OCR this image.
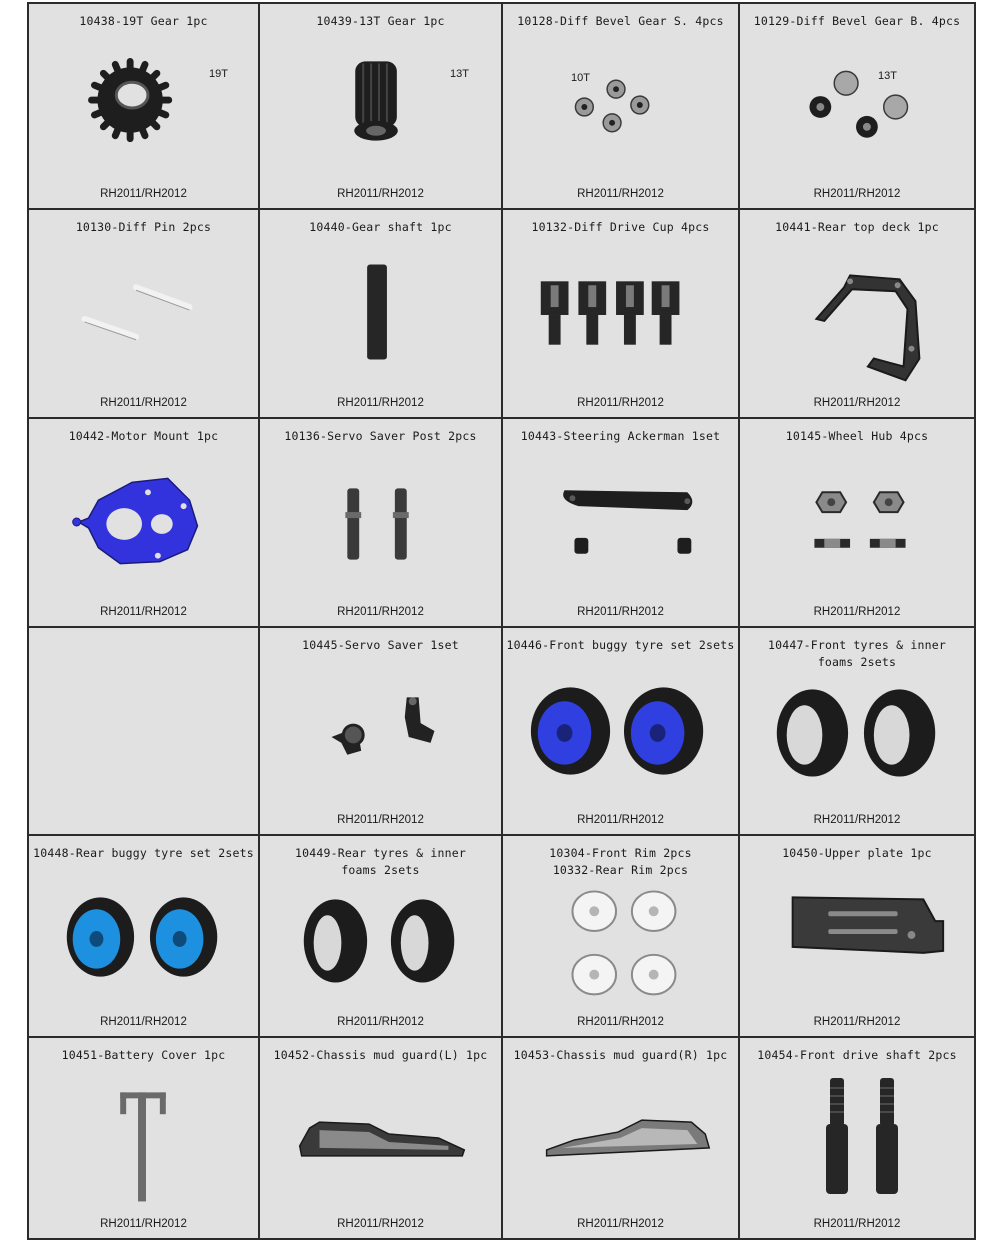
10438-19T Gear 1pc
19T
RH2011/RH2012
10439-13T Gear 1pc
13T
RH2011/RH2012
10128-Diff Bevel Gear S. 4pcs
10T
RH2011/RH2012
10129-Diff Bevel Gear B. 4pcs
13T
RH2011/RH2012
10130-Diff Pin 2pcs
RH2011/RH2012
10440-Gear shaft 1pc
RH2011/RH2012
10132-Diff Drive Cup 4pcs
RH2011/RH2012
10441-Rear top deck 1pc
RH2011/RH2012
10442-Motor Mount 1pc
RH2011/RH2012
10136-Servo Saver Post 2pcs
RH2011/RH2012
10443-Steering Ackerman 1set
RH2011/RH2012
10145-Wheel Hub 4pcs
RH2011/RH2012
10445-Servo Saver 1set
RH2011/RH2012
10446-Front buggy tyre set 2sets
RH2011/RH2012
10447-Front tyres & inner
foams 2sets
RH2011/RH2012
10448-Rear buggy tyre set 2sets
RH2011/RH2012
10449-Rear tyres & inner
foams 2sets
RH2011/RH2012
10304-Front Rim 2pcs
10332-Rear Rim 2pcs
RH2011/RH2012
10450-Upper plate 1pc
RH2011/RH2012
10451-Battery Cover 1pc
RH2011/RH2012
10452-Chassis mud guard(L) 1pc
RH2011/RH2012
10453-Chassis mud guard(R) 1pc
RH2011/RH2012
10454-Front drive shaft 2pcs
RH2011/RH2012
